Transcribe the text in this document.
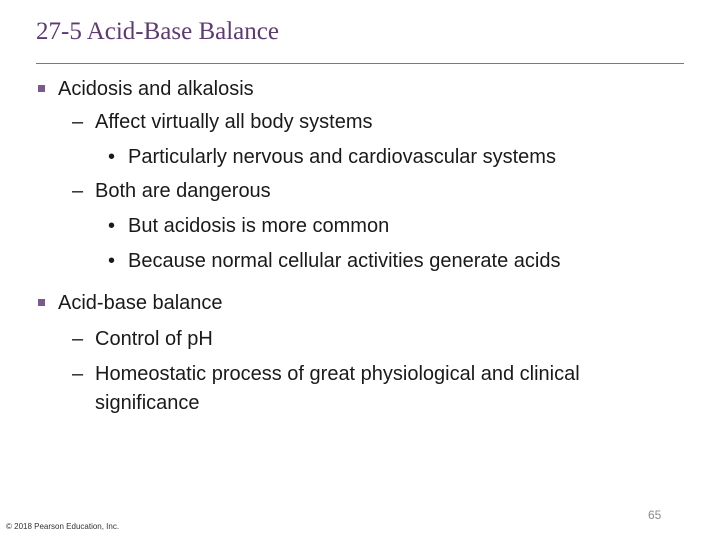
27-5 Acid-Base Balance
Acidosis and alkalosis
– Affect virtually all body systems
• Particularly nervous and cardiovascular systems
– Both are dangerous
• But acidosis is more common
• Because normal cellular activities generate acids
Acid-base balance
– Control of pH
– Homeostatic process of great physiological and clinical
significance
65
© 2018 Pearson Education, Inc.
